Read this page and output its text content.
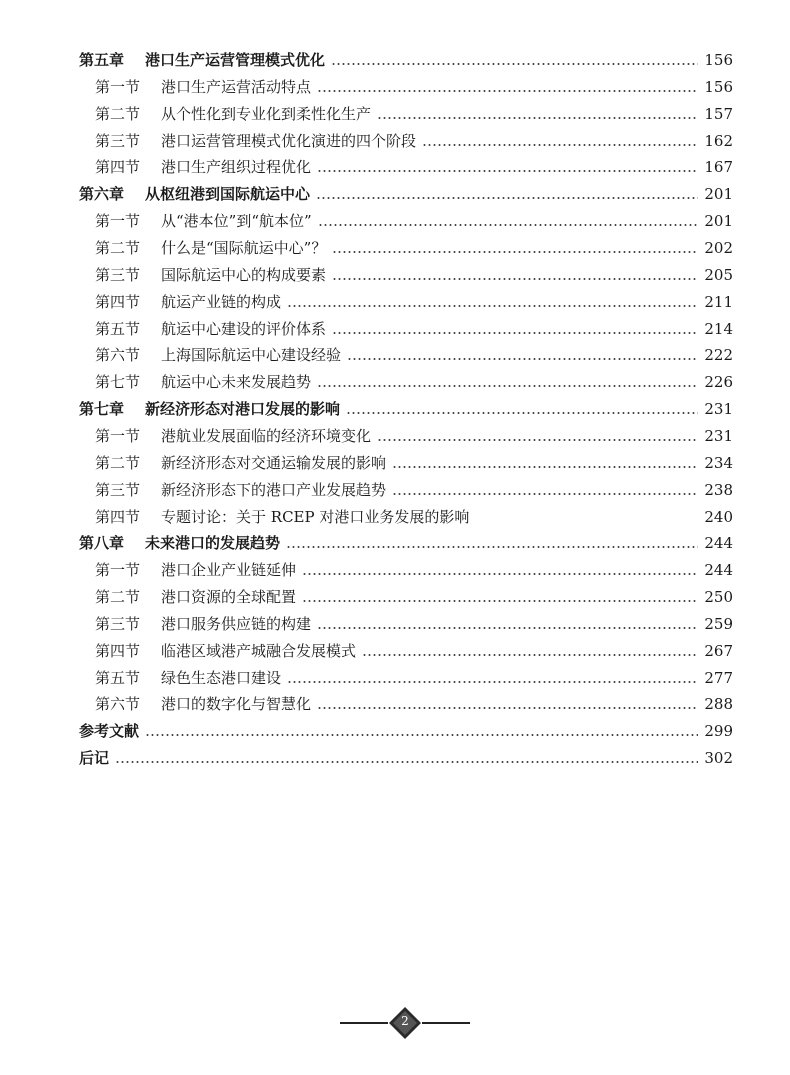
第五章	港口生产运营管理模式优化	156
第一节	港口生产运营活动特点	156
第二节	从个性化到专业化到柔性化生产	157
第三节	港口运营管理模式优化演进的四个阶段	162
第四节	港口生产组织过程优化	167
第六章	从枢纽港到国际航运中心	201
第一节	从“港本位”到“航本位”	201
第二节	什么是“国际航运中心”？	202
第三节	国际航运中心的构成要素	205
第四节	航运产业链的构成	211
第五节	航运中心建设的评价体系	214
第六节	上海国际航运中心建设经验	222
第七节	航运中心未来发展趋势	226
第七章	新经济形态对港口发展的影响	231
第一节	港航业发展面临的经济环境变化	231
第二节	新经济形态对交通运输发展的影响	234
第三节	新经济形态下的港口产业发展趋势	238
第四节	专题讨论：关于 RCEP 对港口业务发展的影响	240
第八章	未来港口的发展趋势	244
第一节	港口企业产业链延伸	244
第二节	港口资源的全球配置	250
第三节	港口服务供应链的构建	259
第四节	临港区域港产城融合发展模式	267
第五节	绿色生态港口建设	277
第六节	港口的数字化与智慧化	288
参考文献	299
后记	302
2
